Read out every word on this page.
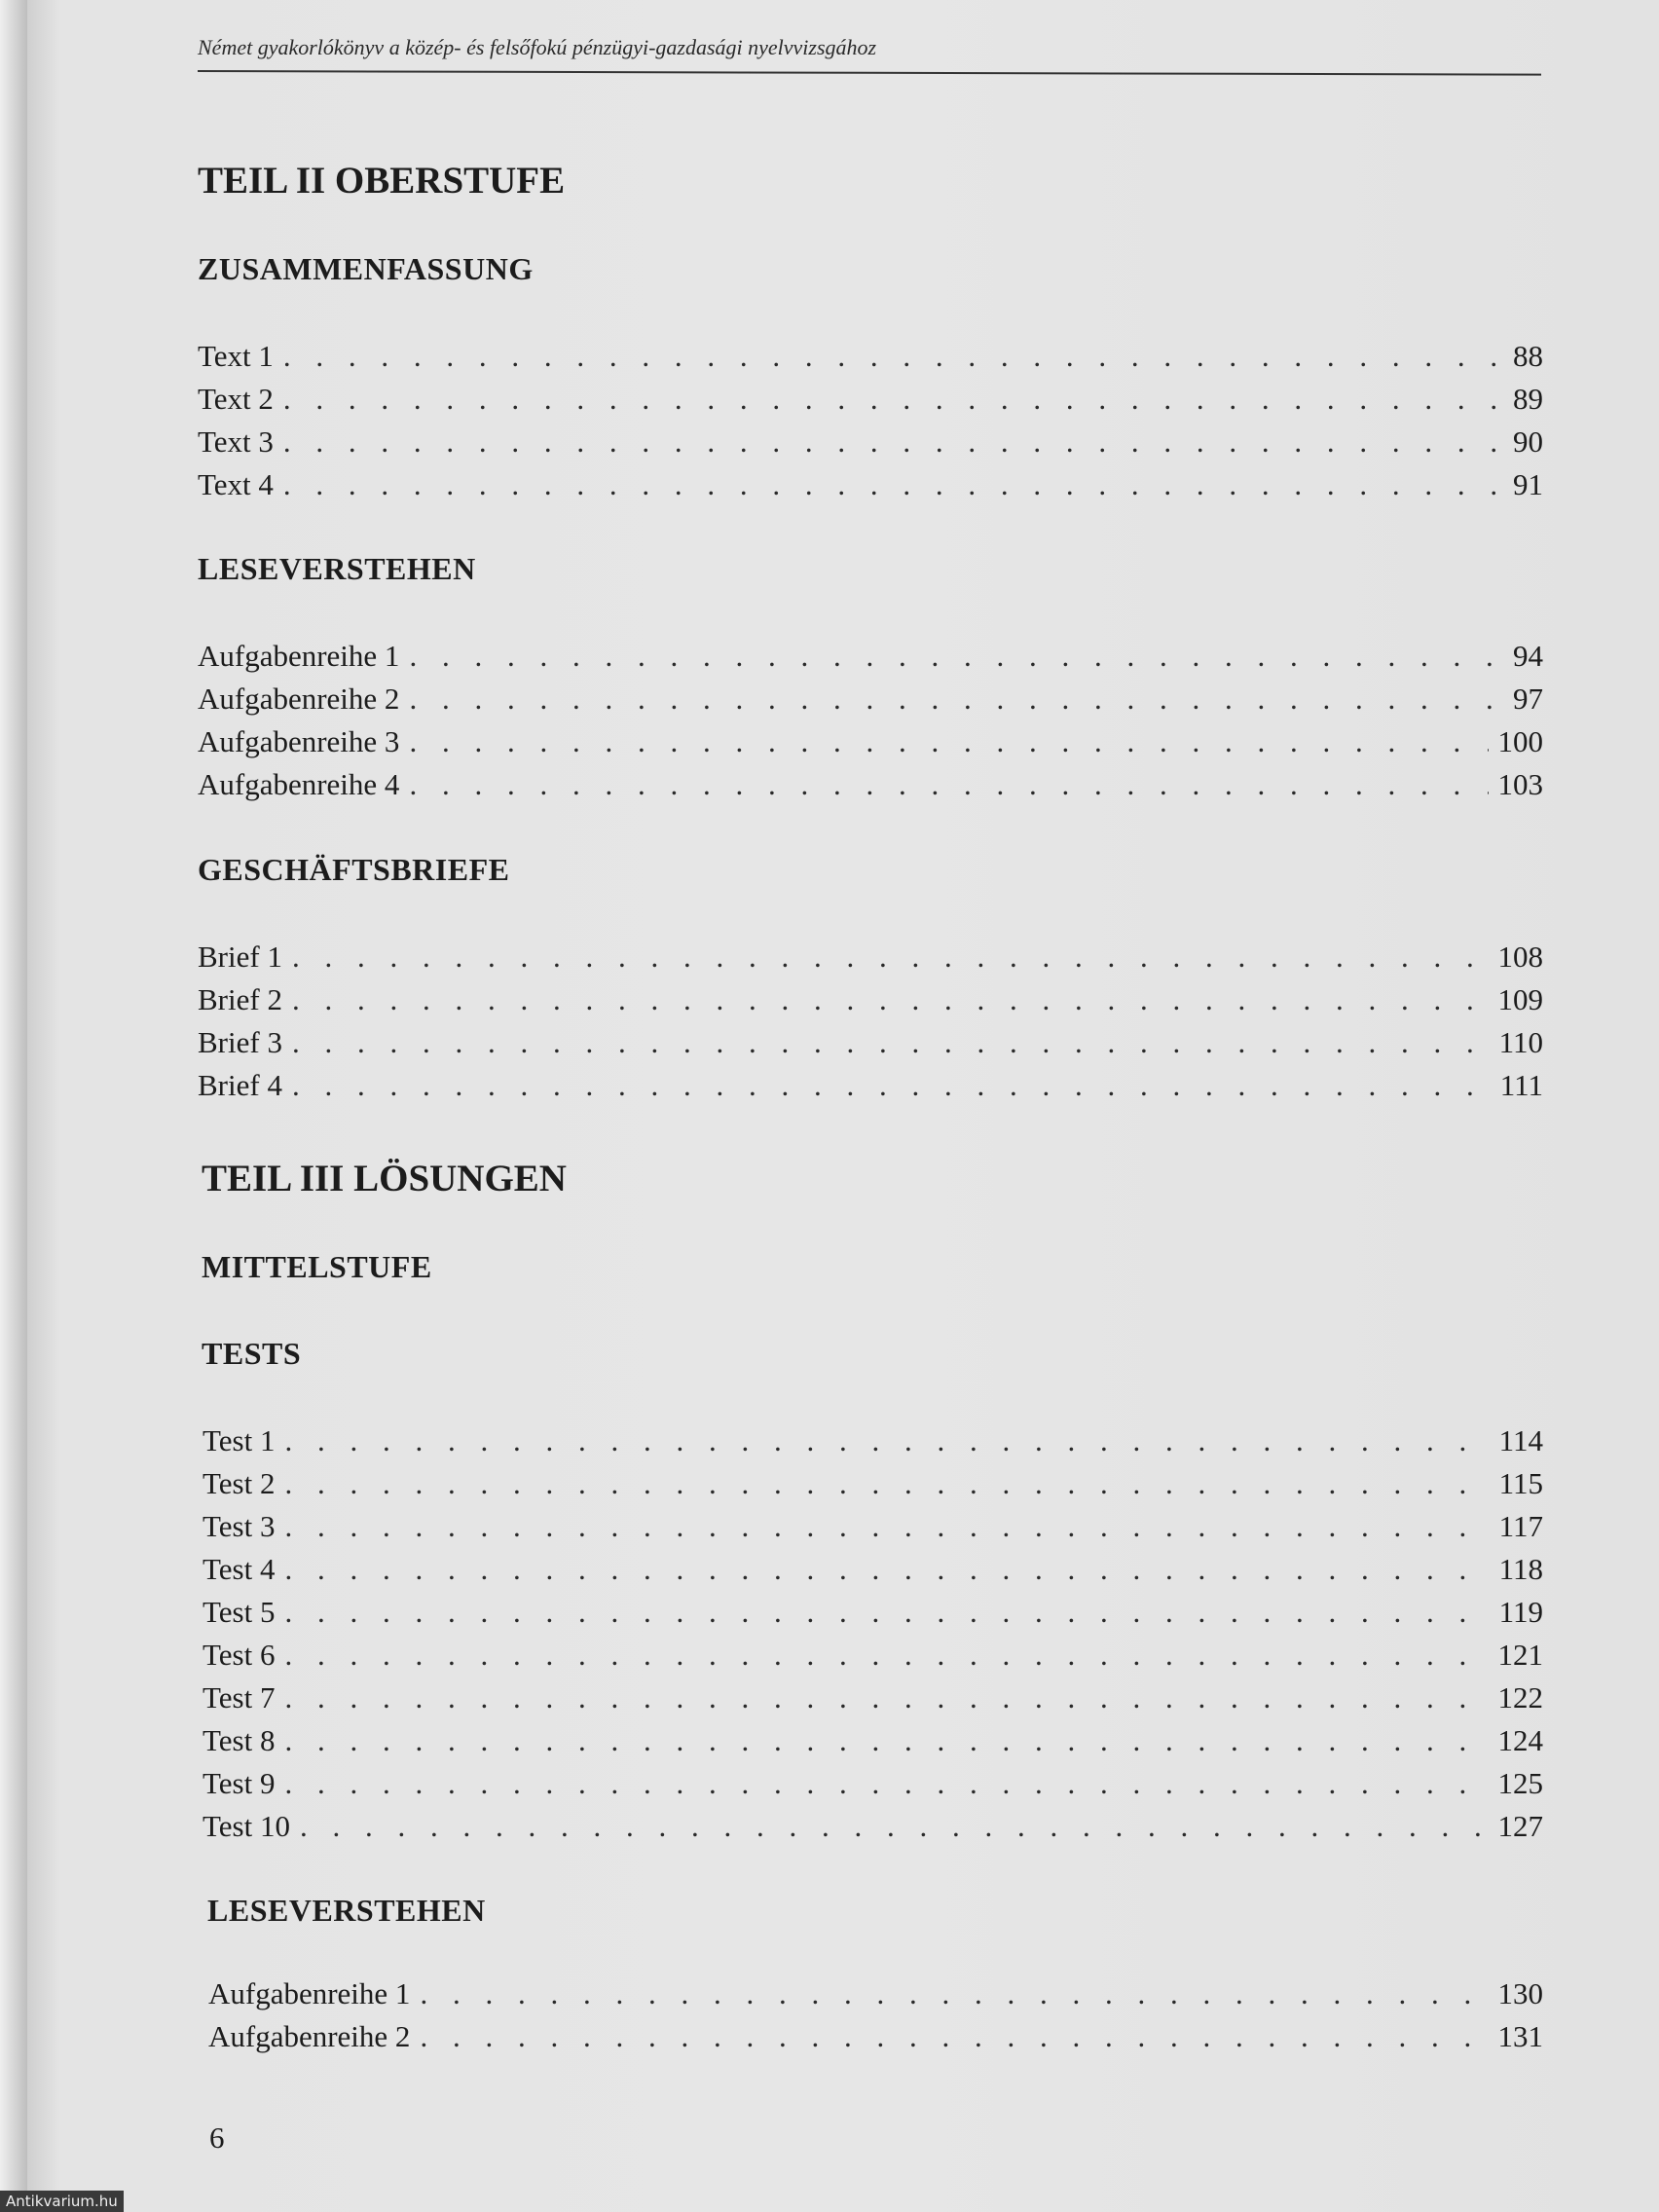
Német gyakorlókönyv a közép- és felsőfokú pénzügyi-gazdasági nyelvvizsgához
TEIL II OBERSTUFE
ZUSAMMENFASSUNG
Text 1 . . .	88
Text 2 . . .	89
Text 3 . . .	90
Text 4 . . .	91
LESEVERSTEHEN
Aufgabenreihe 1 . . .	94
Aufgabenreihe 2 . . .	97
Aufgabenreihe 3 . . .	100
Aufgabenreihe 4 . . .	103
GESCHÄFTSBRIEFE
Brief 1 . . .	108
Brief 2 . . .	109
Brief 3 . . .	110
Brief 4 . . .	111
TEIL III LÖSUNGEN
MITTELSTUFE
TESTS
Test 1 . . .	114
Test 2 . . .	115
Test 3 . . .	117
Test 4 . . .	118
Test 5 . . .	119
Test 6 . . .	121
Test 7 . . .	122
Test 8 . . .	124
Test 9 . . .	125
Test 10 . . .	127
LESEVERSTEHEN
Aufgabenreihe 1 . . .	130
Aufgabenreihe 2 . . .	131
6
Antikvarium.hu
